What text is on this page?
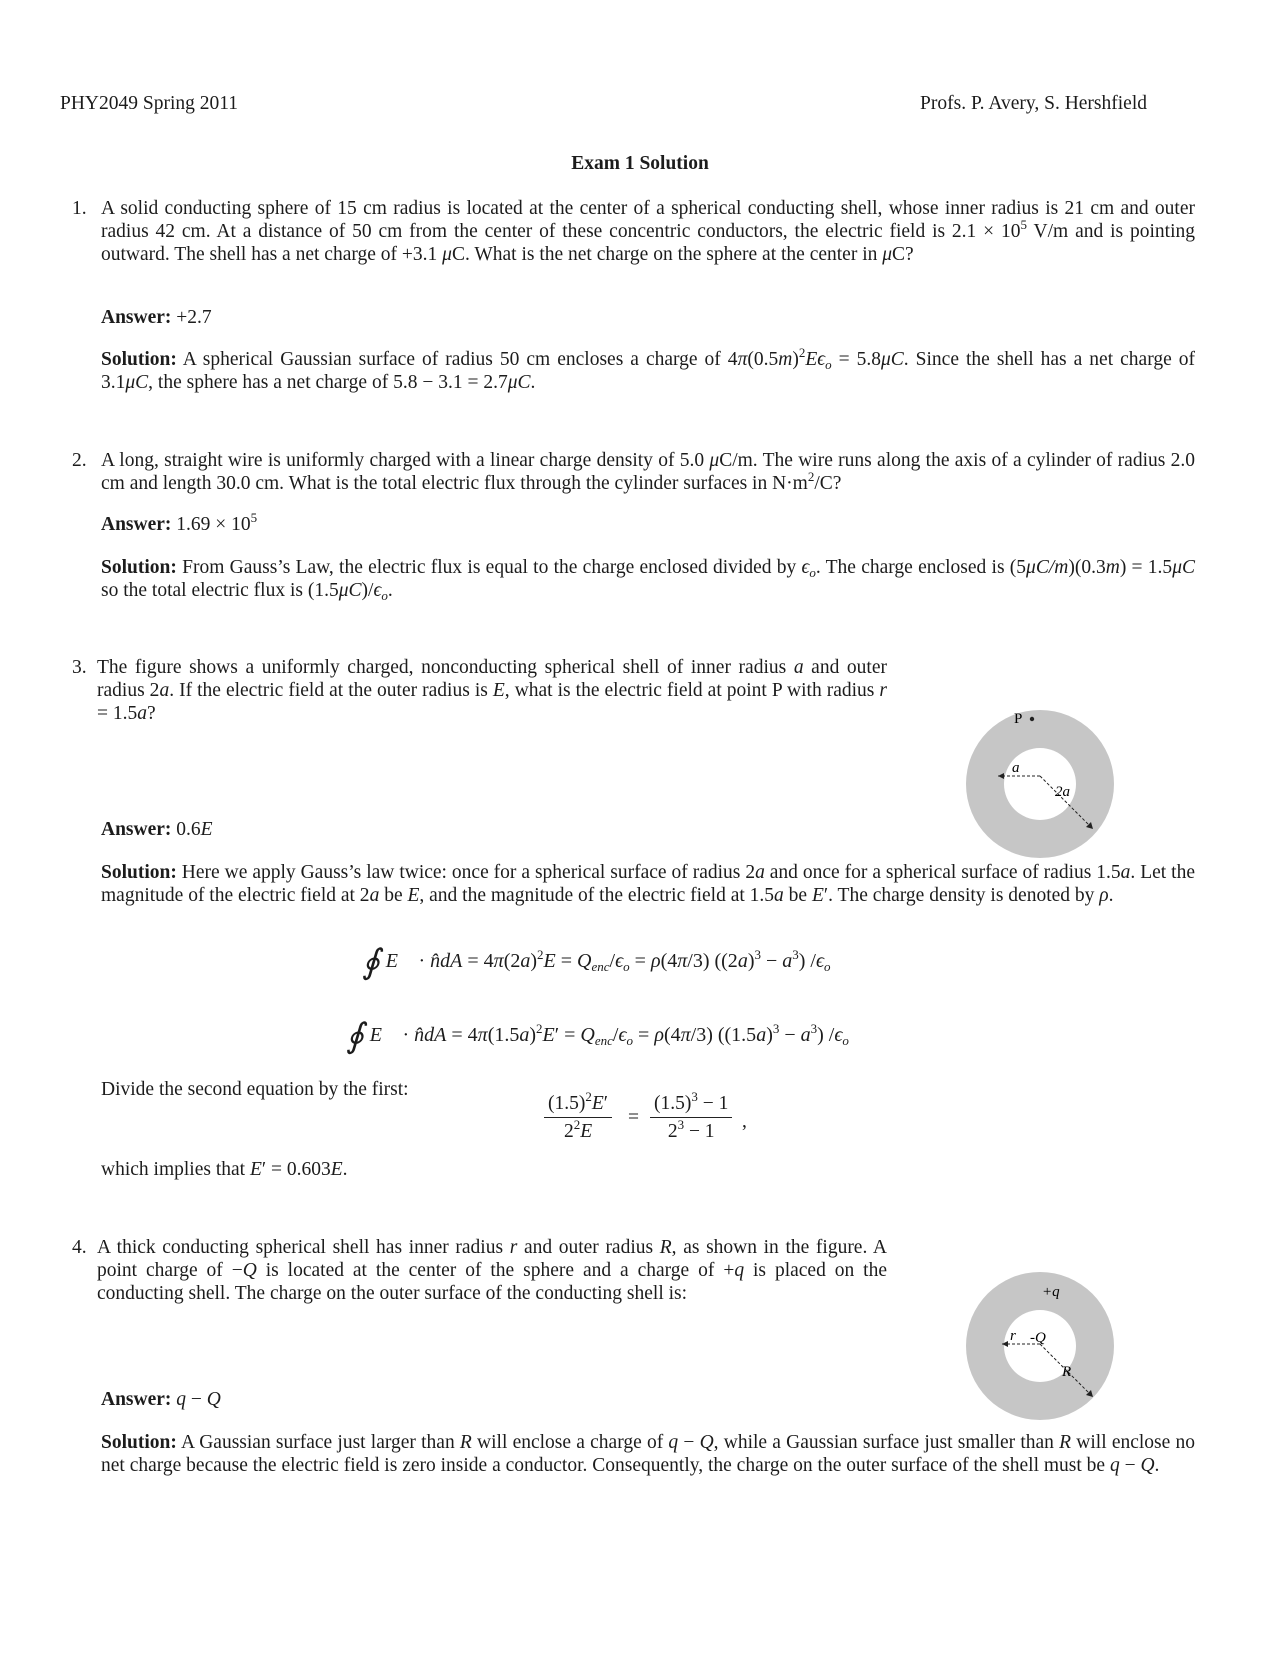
PHY2049 Spring 2011	Profs. P. Avery, S. Hershfield
Exam 1 Solution
1. A solid conducting sphere of 15 cm radius is located at the center of a spherical conducting shell, whose inner radius is 21 cm and outer radius 42 cm. At a distance of 50 cm from the center of these concentric conductors, the electric field is $2.1 \times 10^5$ V/m and is pointing outward. The shell has a net charge of +3.1 μC. What is the net charge on the sphere at the center in μC?
Answer: +2.7
Solution: A spherical Gaussian surface of radius 50 cm encloses a charge of $4\pi(0.5m)^2E\epsilon_o = 5.8\mu C$. Since the shell has a net charge of 3.1μC, the sphere has a net charge of 5.8 − 3.1 = 2.7μC.
2. A long, straight wire is uniformly charged with a linear charge density of 5.0 μC/m. The wire runs along the axis of a cylinder of radius 2.0 cm and length 30.0 cm. What is the total electric flux through the cylinder surfaces in $N\cdot m^2/C$?
Answer: $1.69 \times 10^5$
Solution: From Gauss’s Law, the electric flux is equal to the charge enclosed divided by $\epsilon_o$. The charge enclosed is (5μC/m)(0.3m) = 1.5μC so the total electric flux is $(1.5\mu C)/\epsilon_o$.
3. The figure shows a uniformly charged, nonconducting spherical shell of inner radius a and outer radius 2a. If the electric field at the outer radius is E, what is the electric field at point P with radius r = 1.5a?	P
a
2a
Answer: 0.6E
Solution: Here we apply Gauss’s law twice: once for a spherical surface of radius 2a and once for a spherical surface of radius 1.5a. Let the magnitude of the electric field at 2a be E, and the magnitude of the electric field at 1.5a be E′. The charge density is denoted by ρ.
∮ E⃗ · n̂dA = $4\pi(2a)^2E = Q_{enc}/\epsilon_o = \rho(4\pi/3) ((2a)^3 - a^3)$ $/\epsilon_o$
∮ E⃗ · n̂dA = $4\pi(1.5a)^2E' = Q_{enc}/\epsilon_o = \rho(4\pi/3) ((1.5a)^3 - a^3)$ $/\epsilon_o$
Divide the second equation by the first:
$\frac{(1.5)^2E'}{2^2E} = \frac{(1.5)^3 - 1}{2^3 - 1}$ ,
which implies that E′ = 0.603E.
4. A thick conducting spherical shell has inner radius r and outer radius R, as shown in the figure. A point charge of −Q is located at the center of the sphere and a charge of +q is placed on the conducting shell. The charge on the outer surface of the conducting shell is:	+q
r -Q
R
Answer: q − Q
Solution: A Gaussian surface just larger than R will enclose a charge of q − Q, while a Gaussian surface just smaller than R will enclose no net charge because the electric field is zero inside a conductor. Consequently, the charge on the outer surface of the shell must be q − Q.
